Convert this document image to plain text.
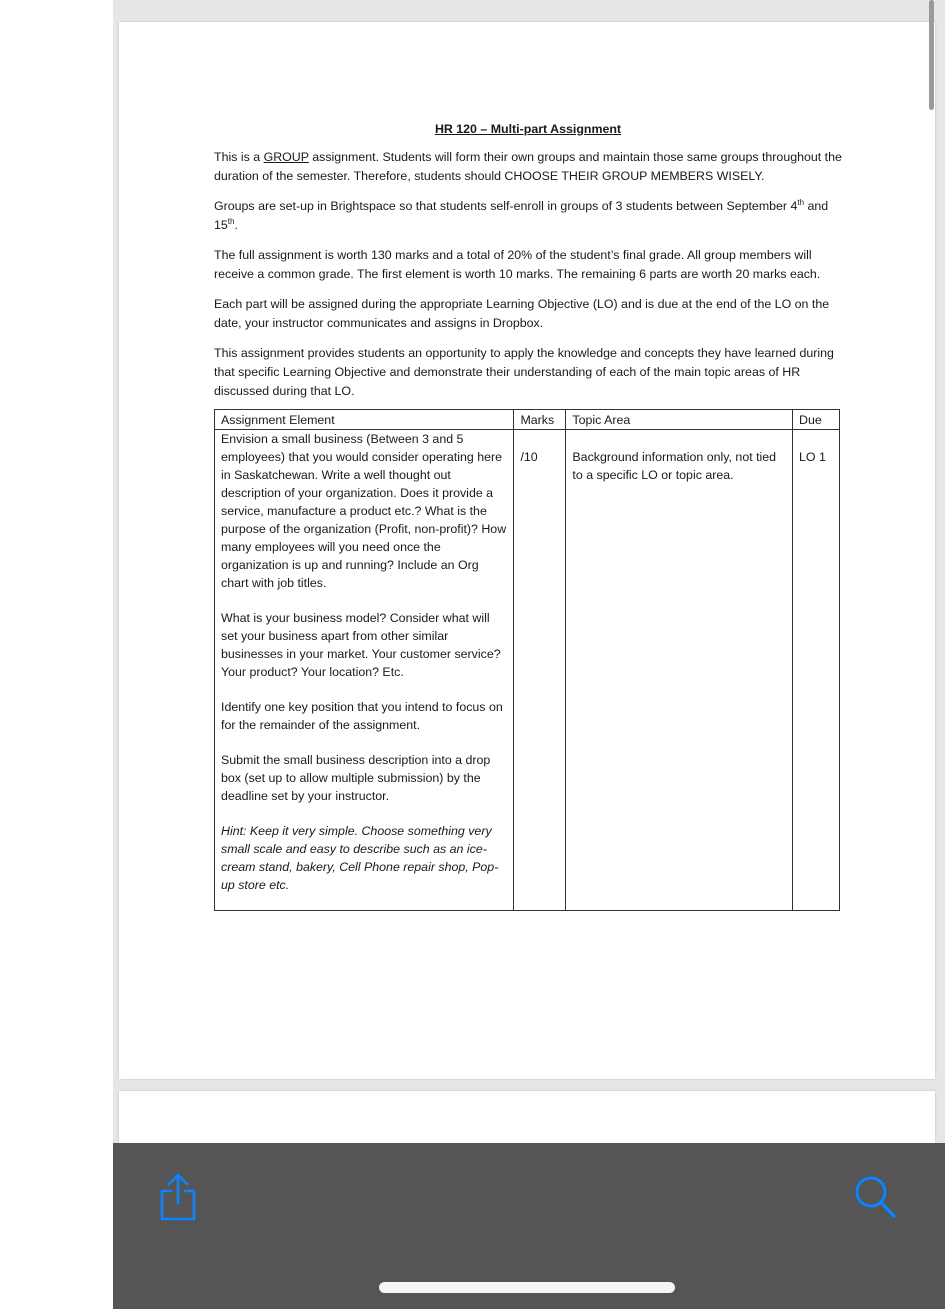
HR 120 – Multi-part Assignment

This is a GROUP assignment. Students will form their own groups and maintain those same groups throughout the duration of the semester. Therefore, students should CHOOSE THEIR GROUP MEMBERS WISELY.

Groups are set-up in Brightspace so that students self-enroll in groups of 3 students between September 4th and 15th.

The full assignment is worth 130 marks and a total of 20% of the student’s final grade. All group members will receive a common grade. The first element is worth 10 marks. The remaining 6 parts are worth 20 marks each.

Each part will be assigned during the appropriate Learning Objective (LO) and is due at the end of the LO on the date, your instructor communicates and assigns in Dropbox.

This assignment provides students an opportunity to apply the knowledge and concepts they have learned during that specific Learning Objective and demonstrate their understanding of each of the main topic areas of HR discussed during that LO.

Assignment Element	Marks	Topic Area	Due

Envision a small business (Between 3 and 5 employees) that you would consider operating here in Saskatchewan. Write a well thought out description of your organization. Does it provide a service, manufacture a product etc.? What is the purpose of the organization (Profit, non-profit)? How many employees will you need once the organization is up and running? Include an Org chart with job titles.
What is your business model? Consider what will set your business apart from other similar businesses in your market. Your customer service? Your product? Your location? Etc.
Identify one key position that you intend to focus on for the remainder of the assignment.
Submit the small business description into a drop box (set up to allow multiple submission) by the deadline set by your instructor.
Hint: Keep it very simple. Choose something very small scale and easy to describe such as an ice-cream stand, bakery, Cell Phone repair shop, Pop-up store etc.	/10	Background information only, not tied to a specific LO or topic area.	LO 1
